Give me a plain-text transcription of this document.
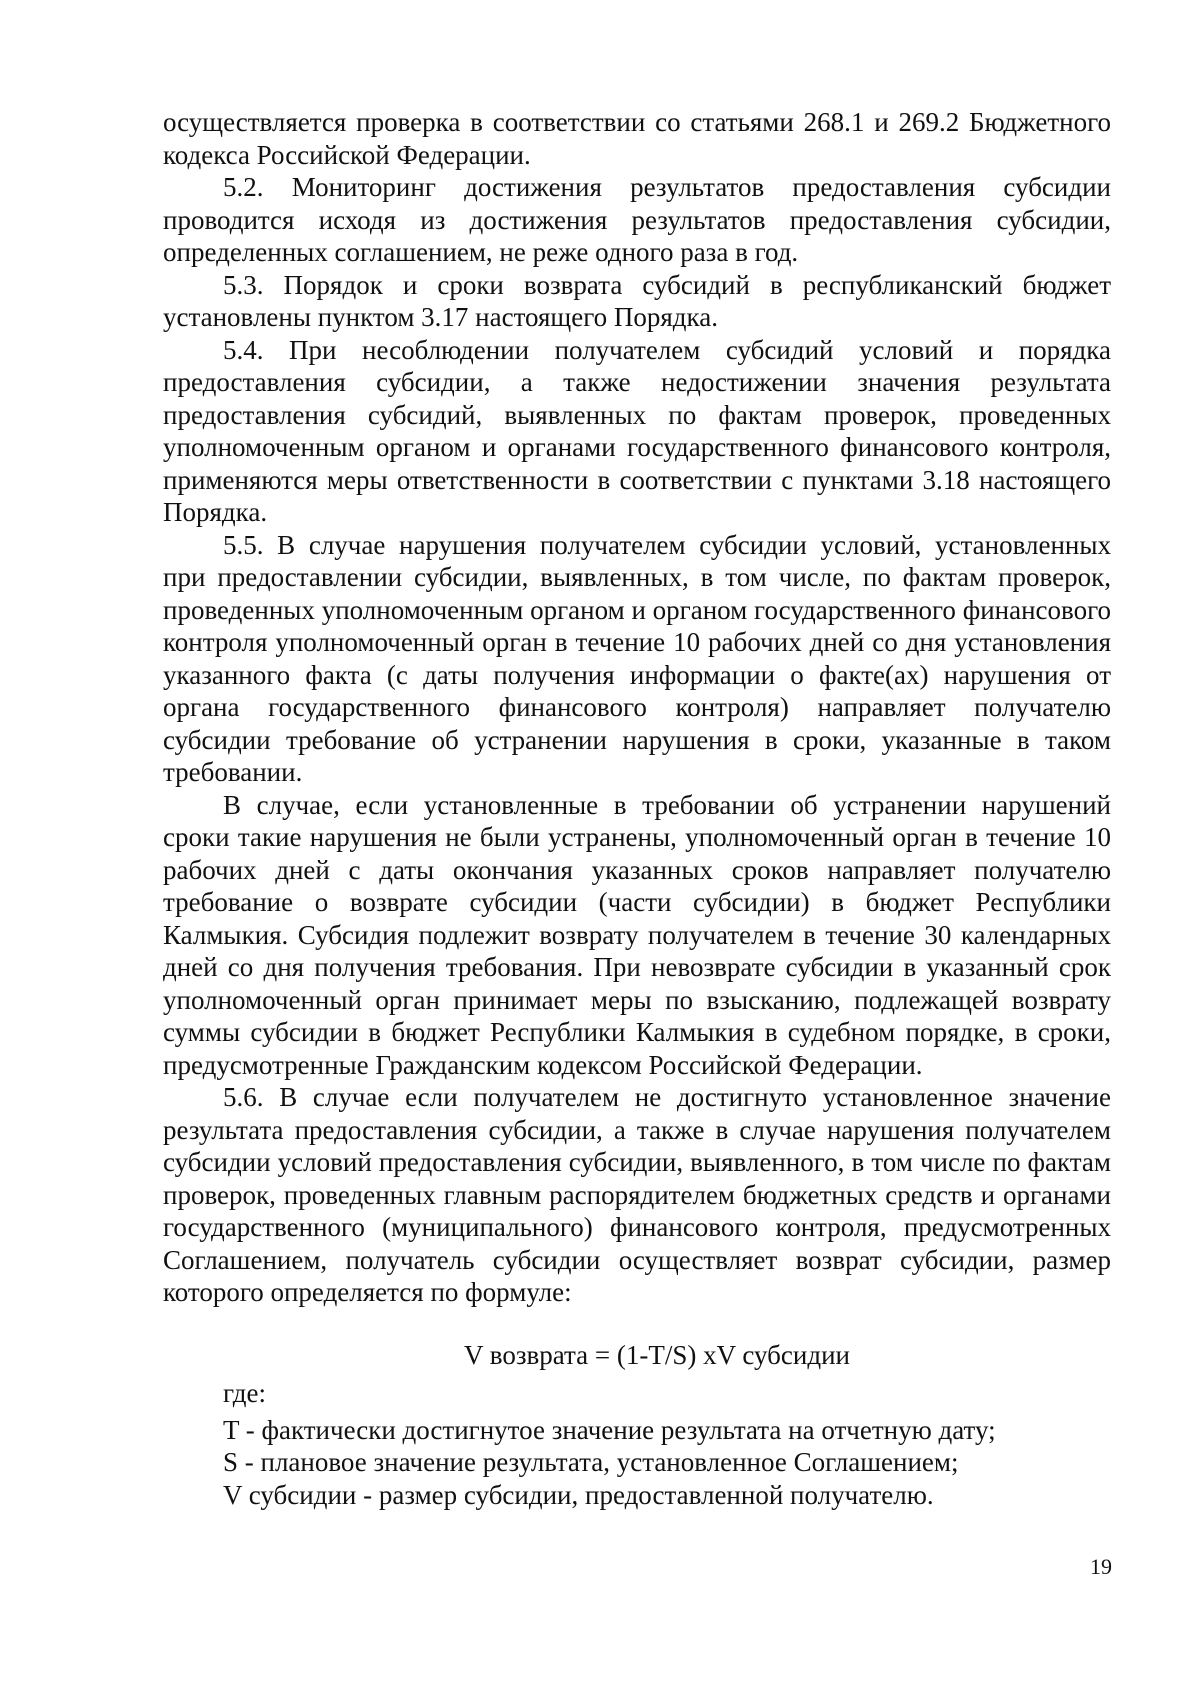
осуществляется проверка в соответствии со статьями 268.1 и 269.2 Бюджетного кодекса Российской Федерации.

5.2. Мониторинг достижения результатов предоставления субсидии проводится исходя из достижения результатов предоставления субсидии, определенных соглашением, не реже одного раза в год.

5.3. Порядок и сроки возврата субсидий в республиканский бюджет установлены пунктом 3.17 настоящего Порядка.

5.4. При несоблюдении получателем субсидий условий и порядка предоставления субсидии, а также недостижении значения результата предоставления субсидий, выявленных по фактам проверок, проведенных уполномоченным органом и органами государственного финансового контроля, применяются меры ответственности в соответствии с пунктами 3.18 настоящего Порядка.

5.5. В случае нарушения получателем субсидии условий, установленных при предоставлении субсидии, выявленных, в том числе, по фактам проверок, проведенных уполномоченным органом и органом государственного финансового контроля уполномоченный орган в течение 10 рабочих дней со дня установления указанного факта (с даты получения информации о факте(ах) нарушения от органа государственного финансового контроля) направляет получателю субсидии требование об устранении нарушения в сроки, указанные в таком требовании.

В случае, если установленные в требовании об устранении нарушений сроки такие нарушения не были устранены, уполномоченный орган в течение 10 рабочих дней с даты окончания указанных сроков направляет получателю требование о возврате субсидии (части субсидии) в бюджет Республики Калмыкия. Субсидия подлежит возврату получателем в течение 30 календарных дней со дня получения требования. При невозврате субсидии в указанный срок уполномоченный орган принимает меры по взысканию, подлежащей возврату суммы субсидии в бюджет Республики Калмыкия в судебном порядке, в сроки, предусмотренные Гражданским кодексом Российской Федерации.

5.6. В случае если получателем не достигнуто установленное значение результата предоставления субсидии, а также в случае нарушения получателем субсидии условий предоставления субсидии, выявленного, в том числе по фактам проверок, проведенных главным распорядителем бюджетных средств и органами государственного (муниципального) финансового контроля, предусмотренных Соглашением, получатель субсидии осуществляет возврат субсидии, размер которого определяется по формуле:

V возврата = (1-T/S) xV субсидии

где:

T - фактически достигнутое значение результата на отчетную дату;

S - плановое значение результата, установленное Соглашением;

V субсидии - размер субсидии, предоставленной получателю.

19
